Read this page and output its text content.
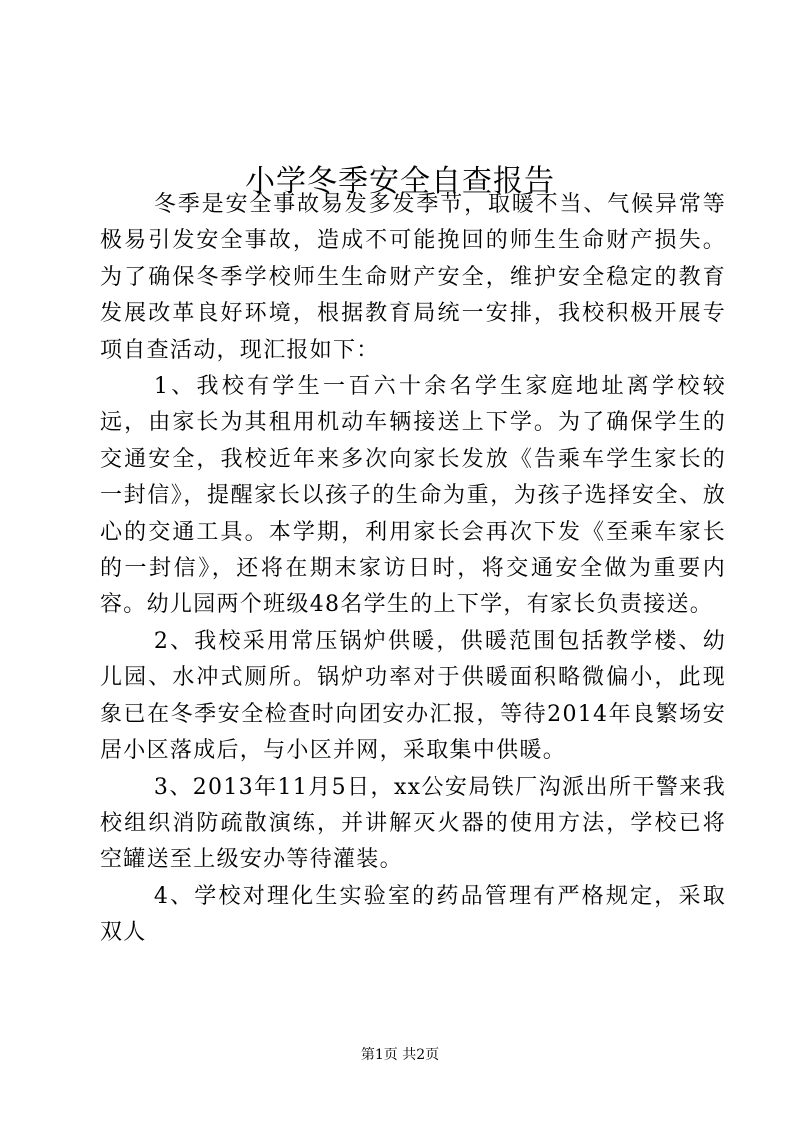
小学冬季安全自查报告

冬季是安全事故易发多发季节，取暖不当、气候异常等极易引发安全事故，造成不可能挽回的师生生命财产损失。为了确保冬季学校师生生命财产安全，维护安全稳定的教育发展改革良好环境，根据教育局统一安排，我校积极开展专项自查活动，现汇报如下：

1、我校有学生一百六十余名学生家庭地址离学校较远，由家长为其租用机动车辆接送上下学。为了确保学生的交通安全，我校近年来多次向家长发放《告乘车学生家长的一封信》，提醒家长以孩子的生命为重，为孩子选择安全、放心的交通工具。本学期，利用家长会再次下发《至乘车家长的一封信》，还将在期末家访日时，将交通安全做为重要内容。幼儿园两个班级48名学生的上下学，有家长负责接送。

2、我校采用常压锅炉供暖，供暖范围包括教学楼、幼儿园、水冲式厕所。锅炉功率对于供暖面积略微偏小，此现象已在冬季安全检查时向团安办汇报，等待2014年良繁场安居小区落成后，与小区并网，采取集中供暖。

3、2013年11月5日，xx公安局铁厂沟派出所干警来我校组织消防疏散演练，并讲解灭火器的使用方法，学校已将空罐送至上级安办等待灌装。

4、学校对理化生实验室的药品管理有严格规定，采取双人

第1页 共2页
